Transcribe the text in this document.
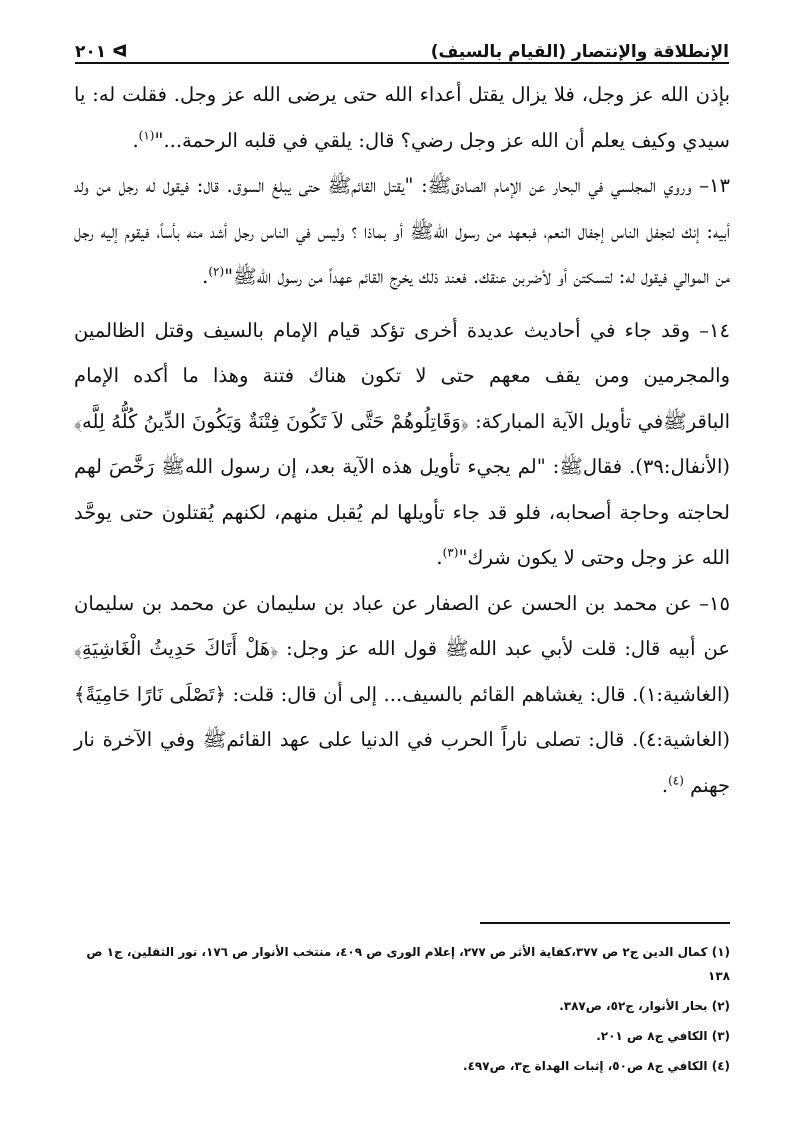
الإنطلاقة والإنتصار (القيام بالسيف)
ᐊ ٢٠١

بإذن الله عز وجل، فلا يزال يقتل أعداء الله حتى يرضى الله عز وجل. فقلت له: يا سيدي وكيف يعلم أن الله عز وجل رضي؟ قال: يلقي في قلبه الرحمة..."$^{(١)}$.

١٣– وروي المجلسي في البحار عن الإمام الصادق‌ﷺ: "يقتل القائم‌ﷺ حتى يبلغ السوق. قال: فيقول له رجل من ولد أبيه: إنك لتجفل الناس إجفال النعم، فبعهد من رسول الله‌ﷺ أو بماذا ؟ وليس في الناس رجل أشد منه بأساً، فيقوم إليه رجل من الموالي فيقول له: لتسكتن أو لأضربن عنقك. فعند ذلك يخرج القائم عهداً من رسول الله‌ﷺ"$^{(٢)}$.

١٤– وقد جاء في أحاديث عديدة أخرى تؤكد قيام الإمام بالسيف وقتل الظالمين والمجرمين ومن يقف معهم حتى لا تكون هناك فتنة وهذا ما أكده الإمام الباقر‌ﷺفي تأويل الآية المباركة: ﴿وَقَاتِلُوهُمْ حَتَّى لاَ تَكُونَ فِتْنَةٌ وَيَكُونَ الدِّينُ كُلُّهُ لِلَّه﴾(الأنفال:٣٩). فقال‌ﷺ: "لم يجيء تأويل هذه الآية بعد، إن رسول الله‌ﷺ رَخَّصَ لهم لحاجته وحاجة أصحابه، فلو قد جاء تأويلها لم يُقبل منهم، لكنهم يُقتلون حتى يوحَّد الله عز وجل وحتى لا يكون شرك"$^{(٣)}$.

١٥– عن محمد بن الحسن عن الصفار عن عباد بن سليمان عن محمد بن سليمان عن أبيه قال: قلت لأبي عبد الله‌ﷺ قول الله عز وجل: ﴿هَلْ أَتَاكَ حَدِيثُ الْغَاشِيَةِ﴾(الغاشية:١). قال: يغشاهم القائم بالسيف... إلى أن قال: قلت: ﴿تَصْلَى نَارًا حَامِيَةً﴾(الغاشية:٤). قال: تصلى ناراً الحرب في الدنيا على عهد القائم‌ﷺ وفي الآخرة نار جهنم $^{(٤)}$.

(١) كمال الدين ج٢ ص ٣٧٧،كفاية الأثر ص ٢٧٧، إعلام الورى ص ٤٠٩، منتخب الأنوار ص ١٧٦، نور الثقلين، ج١ ص ١٣٨

(٢) بحار الأنوار، ج٥٢، ص٣٨٧.

(٣) الكافي ج٨ ص ٢٠١.

(٤) الكافي ج٨ ص٥٠، إثبات الهداة ج٣، ص٤٩٧.
